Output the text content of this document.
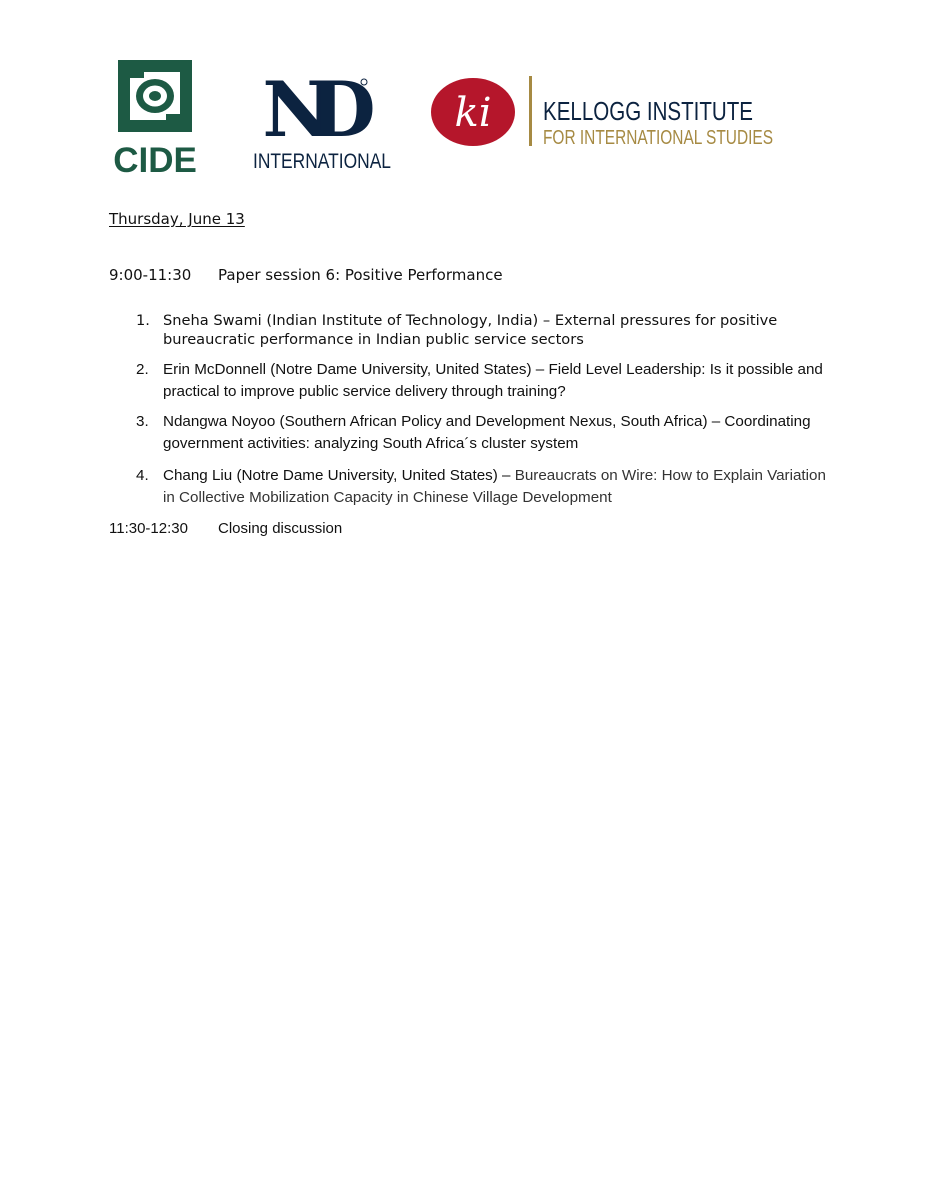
CIDE
ND
INTERNATIONAL
ki KELLOGG INSTITUTE
FOR INTERNATIONAL STUDIES
Thursday, June 13
9:00-11:30 Paper session 6: Positive Performance
1. Sneha Swami (Indian Institute of Technology, India) – External pressures for positive bureaucratic performance in Indian public service sectors
2. Erin McDonnell (Notre Dame University, United States) – Field Level Leadership: Is it possible and practical to improve public service delivery through training?
3. Ndangwa Noyoo (Southern African Policy and Development Nexus, South Africa) – Coordinating government activities: analyzing South Africa´s cluster system
4. Chang Liu (Notre Dame University, United States) – Bureaucrats on Wire: How to Explain Variation in Collective Mobilization Capacity in Chinese Village Development
11:30-12:30 Closing discussion
